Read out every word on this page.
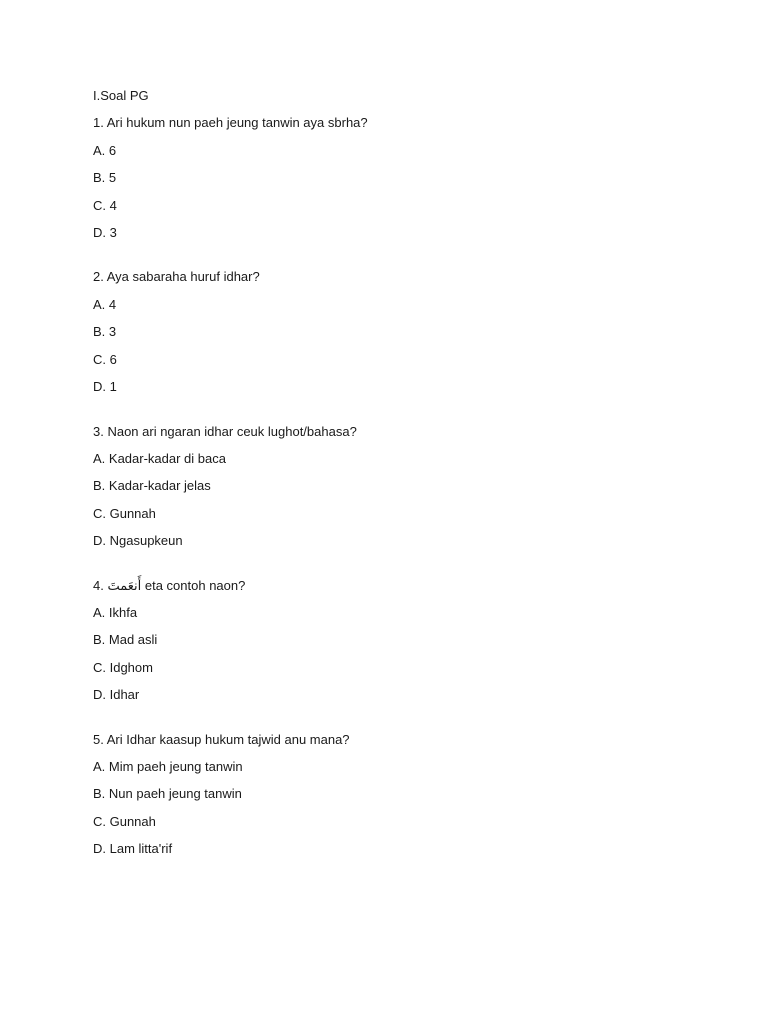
I.Soal PG
1. Ari hukum nun paeh jeung tanwin aya sbrha?
A. 6
B. 5
C. 4
D. 3
2. Aya sabaraha huruf idhar?
A. 4
B. 3
C. 6
D. 1
3. Naon ari ngaran idhar ceuk lughot/bahasa?
A. Kadar-kadar di baca
B. Kadar-kadar jelas
C. Gunnah
D. Ngasupkeun
4. أَنعَمتَ eta contoh naon?
A. Ikhfa
B. Mad asli
C. Idghom
D. Idhar
5. Ari Idhar kaasup hukum tajwid anu mana?
A. Mim paeh jeung tanwin
B. Nun paeh jeung tanwin
C. Gunnah
D. Lam litta'rif
